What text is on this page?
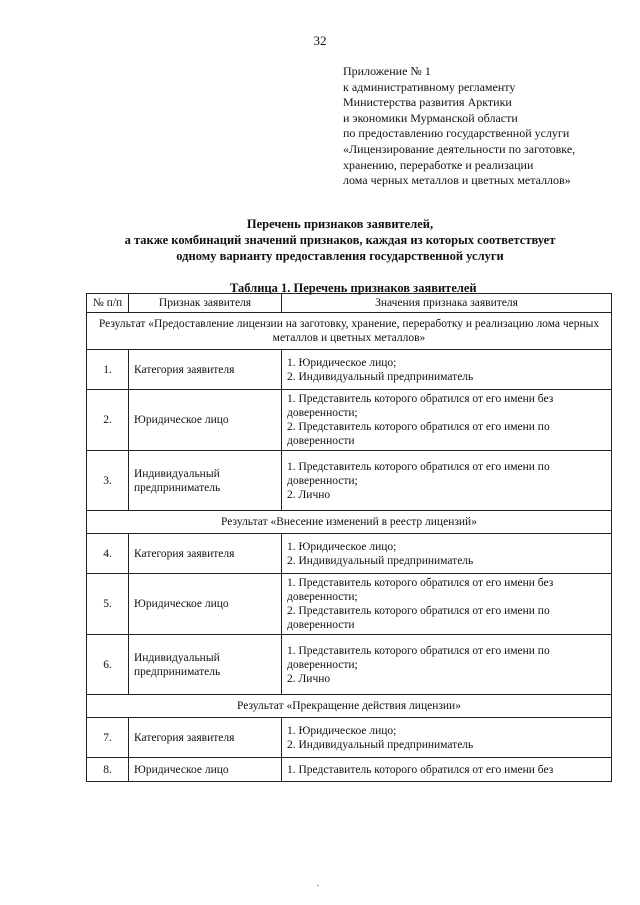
32
Приложение № 1
к административному регламенту
Министерства развития Арктики
и экономики Мурманской области
по предоставлению государственной услуги
«Лицензирование деятельности по заготовке,
хранению, переработке и реализации
лома черных металлов и цветных металлов»
Перечень признаков заявителей,
а также комбинаций значений признаков, каждая из которых соответствует
одному варианту предоставления государственной услуги
Таблица 1. Перечень признаков заявителей
№ п/п	Признак заявителя	Значения признака заявителя
Результат «Предоставление лицензии на заготовку, хранение, переработку и реализацию лома черных металлов и цветных металлов»		
1.	Категория заявителя	1. Юридическое лицо;
2. Индивидуальный предприниматель

2.	Юридическое лицо	1. Представитель которого обратился от его имени без доверенности;
2. Представитель которого обратился от его имени по доверенности

3.	Индивидуальный предприниматель	1. Представитель которого обратился от его имени по доверенности;
2. Лично

Результат «Внесение изменений в реестр лицензий»		
4.	Категория заявителя	1. Юридическое лицо;
2. Индивидуальный предприниматель

5.	Юридическое лицо	1. Представитель которого обратился от его имени без доверенности;
2. Представитель которого обратился от его имени по доверенности

6.	Индивидуальный предприниматель	1. Представитель которого обратился от его имени по доверенности;
2. Лично

Результат «Прекращение действия лицензии»		
7.	Категория заявителя	1. Юридическое лицо;
2. Индивидуальный предприниматель

8.	Юридическое лицо	1. Представитель которого обратился от его имени без
·
